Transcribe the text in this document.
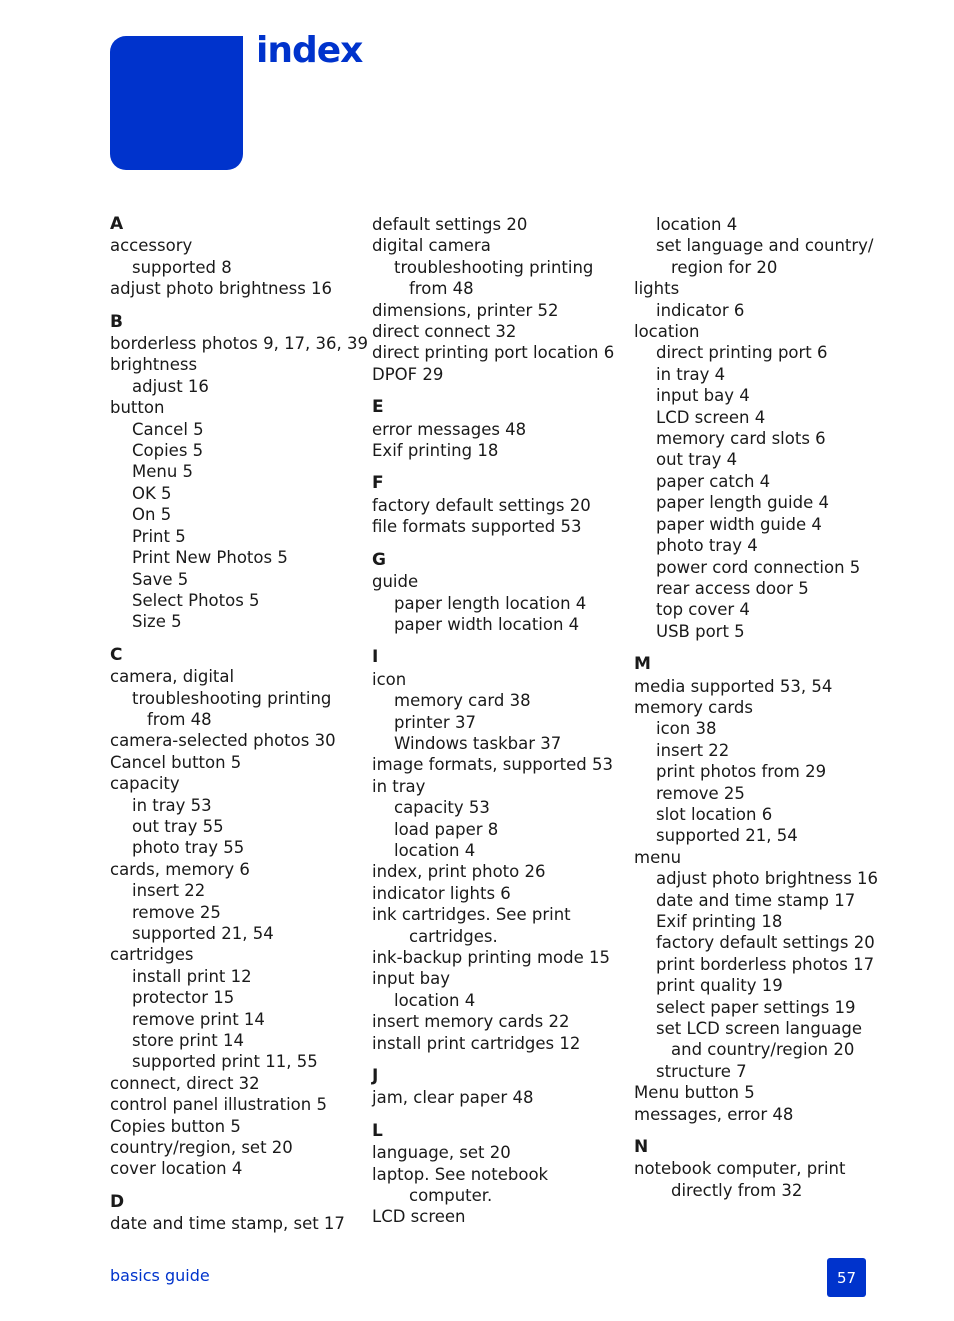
index
A
accessory
supported 8
adjust photo brightness 16
B
borderless photos 9, 17, 36, 39
brightness
adjust 16
button
Cancel 5
Copies 5
Menu 5
OK 5
On 5
Print 5
Print New Photos 5
Save 5
Select Photos 5
Size 5
C
camera, digital
troubleshooting printing
from 48
camera-selected photos 30
Cancel button 5
capacity
in tray 53
out tray 55
photo tray 55
cards, memory 6
insert 22
remove 25
supported 21, 54
cartridges
install print 12
protector 15
remove print 14
store print 14
supported print 11, 55
connect, direct 32
control panel illustration 5
Copies button 5
country/region, set 20
cover location 4
D
date and time stamp, set 17
default settings 20
digital camera
troubleshooting printing
from 48
dimensions, printer 52
direct connect 32
direct printing port location 6
DPOF 29
E
error messages 48
Exif printing 18
F
factory default settings 20
file formats supported 53
G
guide
paper length location 4
paper width location 4
I
icon
memory card 38
printer 37
Windows taskbar 37
image formats, supported 53
in tray
capacity 53
load paper 8
location 4
index, print photo 26
indicator lights 6
ink cartridges. See print
cartridges.
ink-backup printing mode 15
input bay
location 4
insert memory cards 22
install print cartridges 12
J
jam, clear paper 48
L
language, set 20
laptop. See notebook
computer.
LCD screen
location 4
set language and country/
region for 20
lights
indicator 6
location
direct printing port 6
in tray 4
input bay 4
LCD screen 4
memory card slots 6
out tray 4
paper catch 4
paper length guide 4
paper width guide 4
photo tray 4
power cord connection 5
rear access door 5
top cover 4
USB port 5
M
media supported 53, 54
memory cards
icon 38
insert 22
print photos from 29
remove 25
slot location 6
supported 21, 54
menu
adjust photo brightness 16
date and time stamp 17
Exif printing 18
factory default settings 20
print borderless photos 17
print quality 19
select paper settings 19
set LCD screen language
and country/region 20
structure 7
Menu button 5
messages, error 48
N
notebook computer, print
directly from 32
basics guide	57
